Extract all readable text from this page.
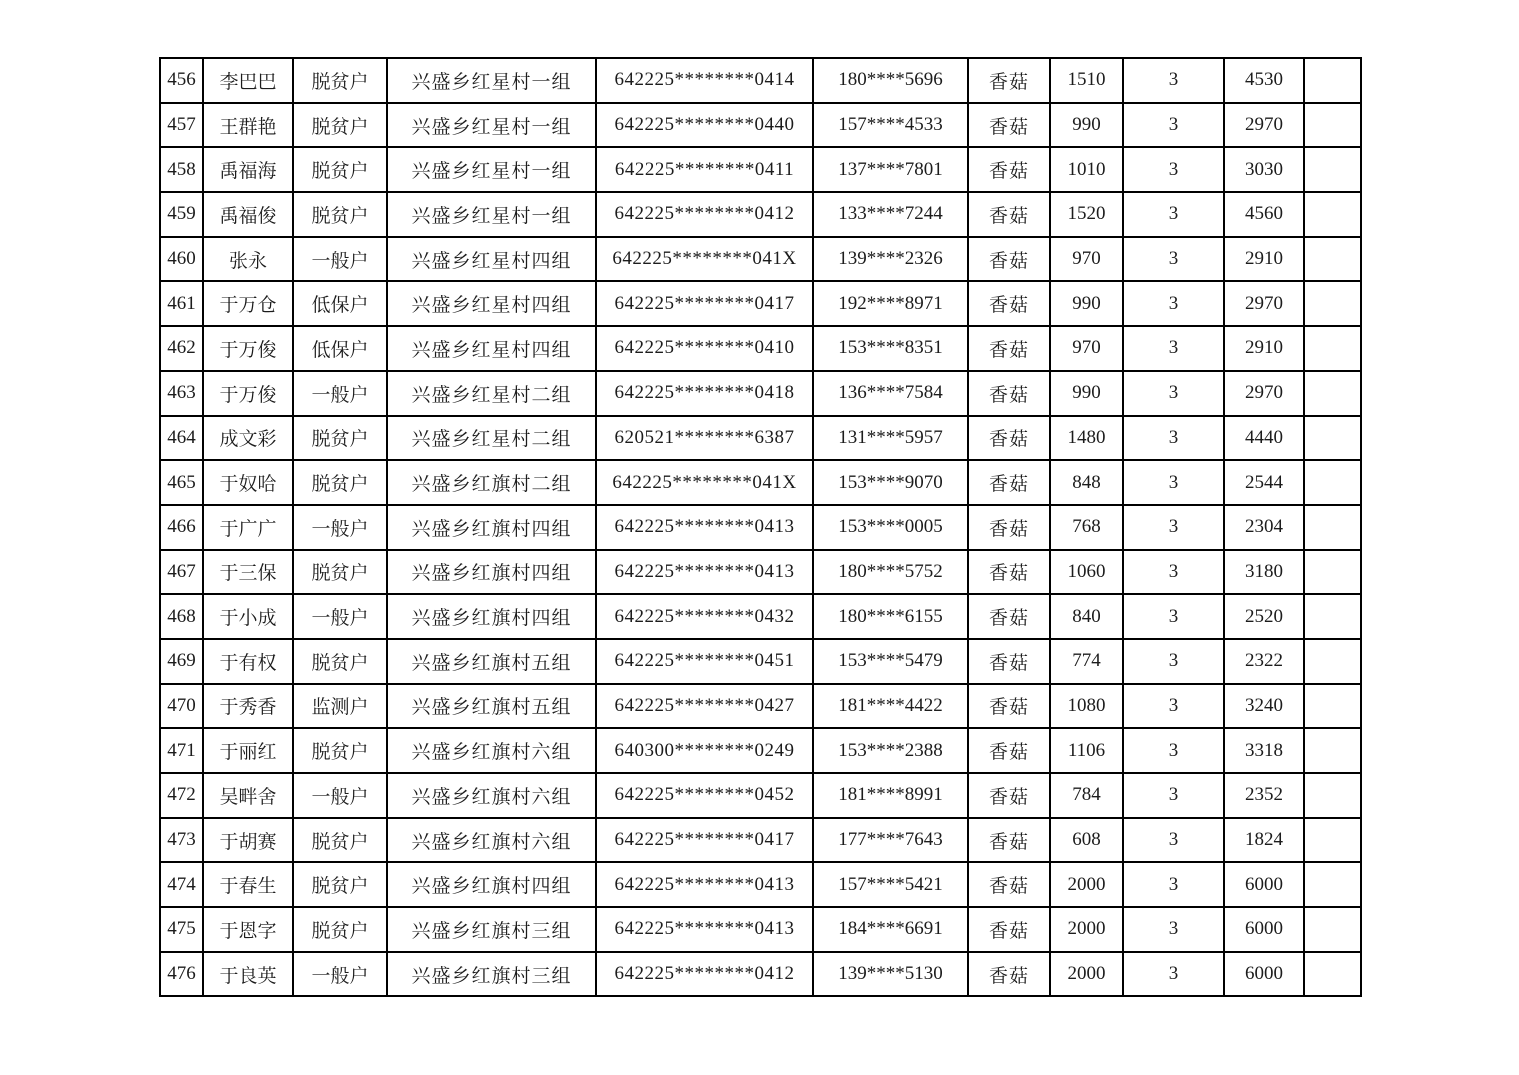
456	李巴巴	脱贫户	兴盛乡红星村一组	642225********0414	180****5696	香菇	1510	3	4530	
457	王群艳	脱贫户	兴盛乡红星村一组	642225********0440	157****4533	香菇	990	3	2970	
458	禹福海	脱贫户	兴盛乡红星村一组	642225********0411	137****7801	香菇	1010	3	3030	
459	禹福俊	脱贫户	兴盛乡红星村一组	642225********0412	133****7244	香菇	1520	3	4560	
460	张永	一般户	兴盛乡红星村四组	642225********041X	139****2326	香菇	970	3	2910	
461	于万仓	低保户	兴盛乡红星村四组	642225********0417	192****8971	香菇	990	3	2970	
462	于万俊	低保户	兴盛乡红星村四组	642225********0410	153****8351	香菇	970	3	2910	
463	于万俊	一般户	兴盛乡红星村二组	642225********0418	136****7584	香菇	990	3	2970	
464	成文彩	脱贫户	兴盛乡红星村二组	620521********6387	131****5957	香菇	1480	3	4440	
465	于奴哈	脱贫户	兴盛乡红旗村二组	642225********041X	153****9070	香菇	848	3	2544	
466	于广广	一般户	兴盛乡红旗村四组	642225********0413	153****0005	香菇	768	3	2304	
467	于三保	脱贫户	兴盛乡红旗村四组	642225********0413	180****5752	香菇	1060	3	3180	
468	于小成	一般户	兴盛乡红旗村四组	642225********0432	180****6155	香菇	840	3	2520	
469	于有权	脱贫户	兴盛乡红旗村五组	642225********0451	153****5479	香菇	774	3	2322	
470	于秀香	监测户	兴盛乡红旗村五组	642225********0427	181****4422	香菇	1080	3	3240	
471	于丽红	脱贫户	兴盛乡红旗村六组	640300********0249	153****2388	香菇	1106	3	3318	
472	吴畔舍	一般户	兴盛乡红旗村六组	642225********0452	181****8991	香菇	784	3	2352	
473	于胡赛	脱贫户	兴盛乡红旗村六组	642225********0417	177****7643	香菇	608	3	1824	
474	于春生	脱贫户	兴盛乡红旗村四组	642225********0413	157****5421	香菇	2000	3	6000	
475	于恩字	脱贫户	兴盛乡红旗村三组	642225********0413	184****6691	香菇	2000	3	6000	
476	于良英	一般户	兴盛乡红旗村三组	642225********0412	139****5130	香菇	2000	3	6000	
